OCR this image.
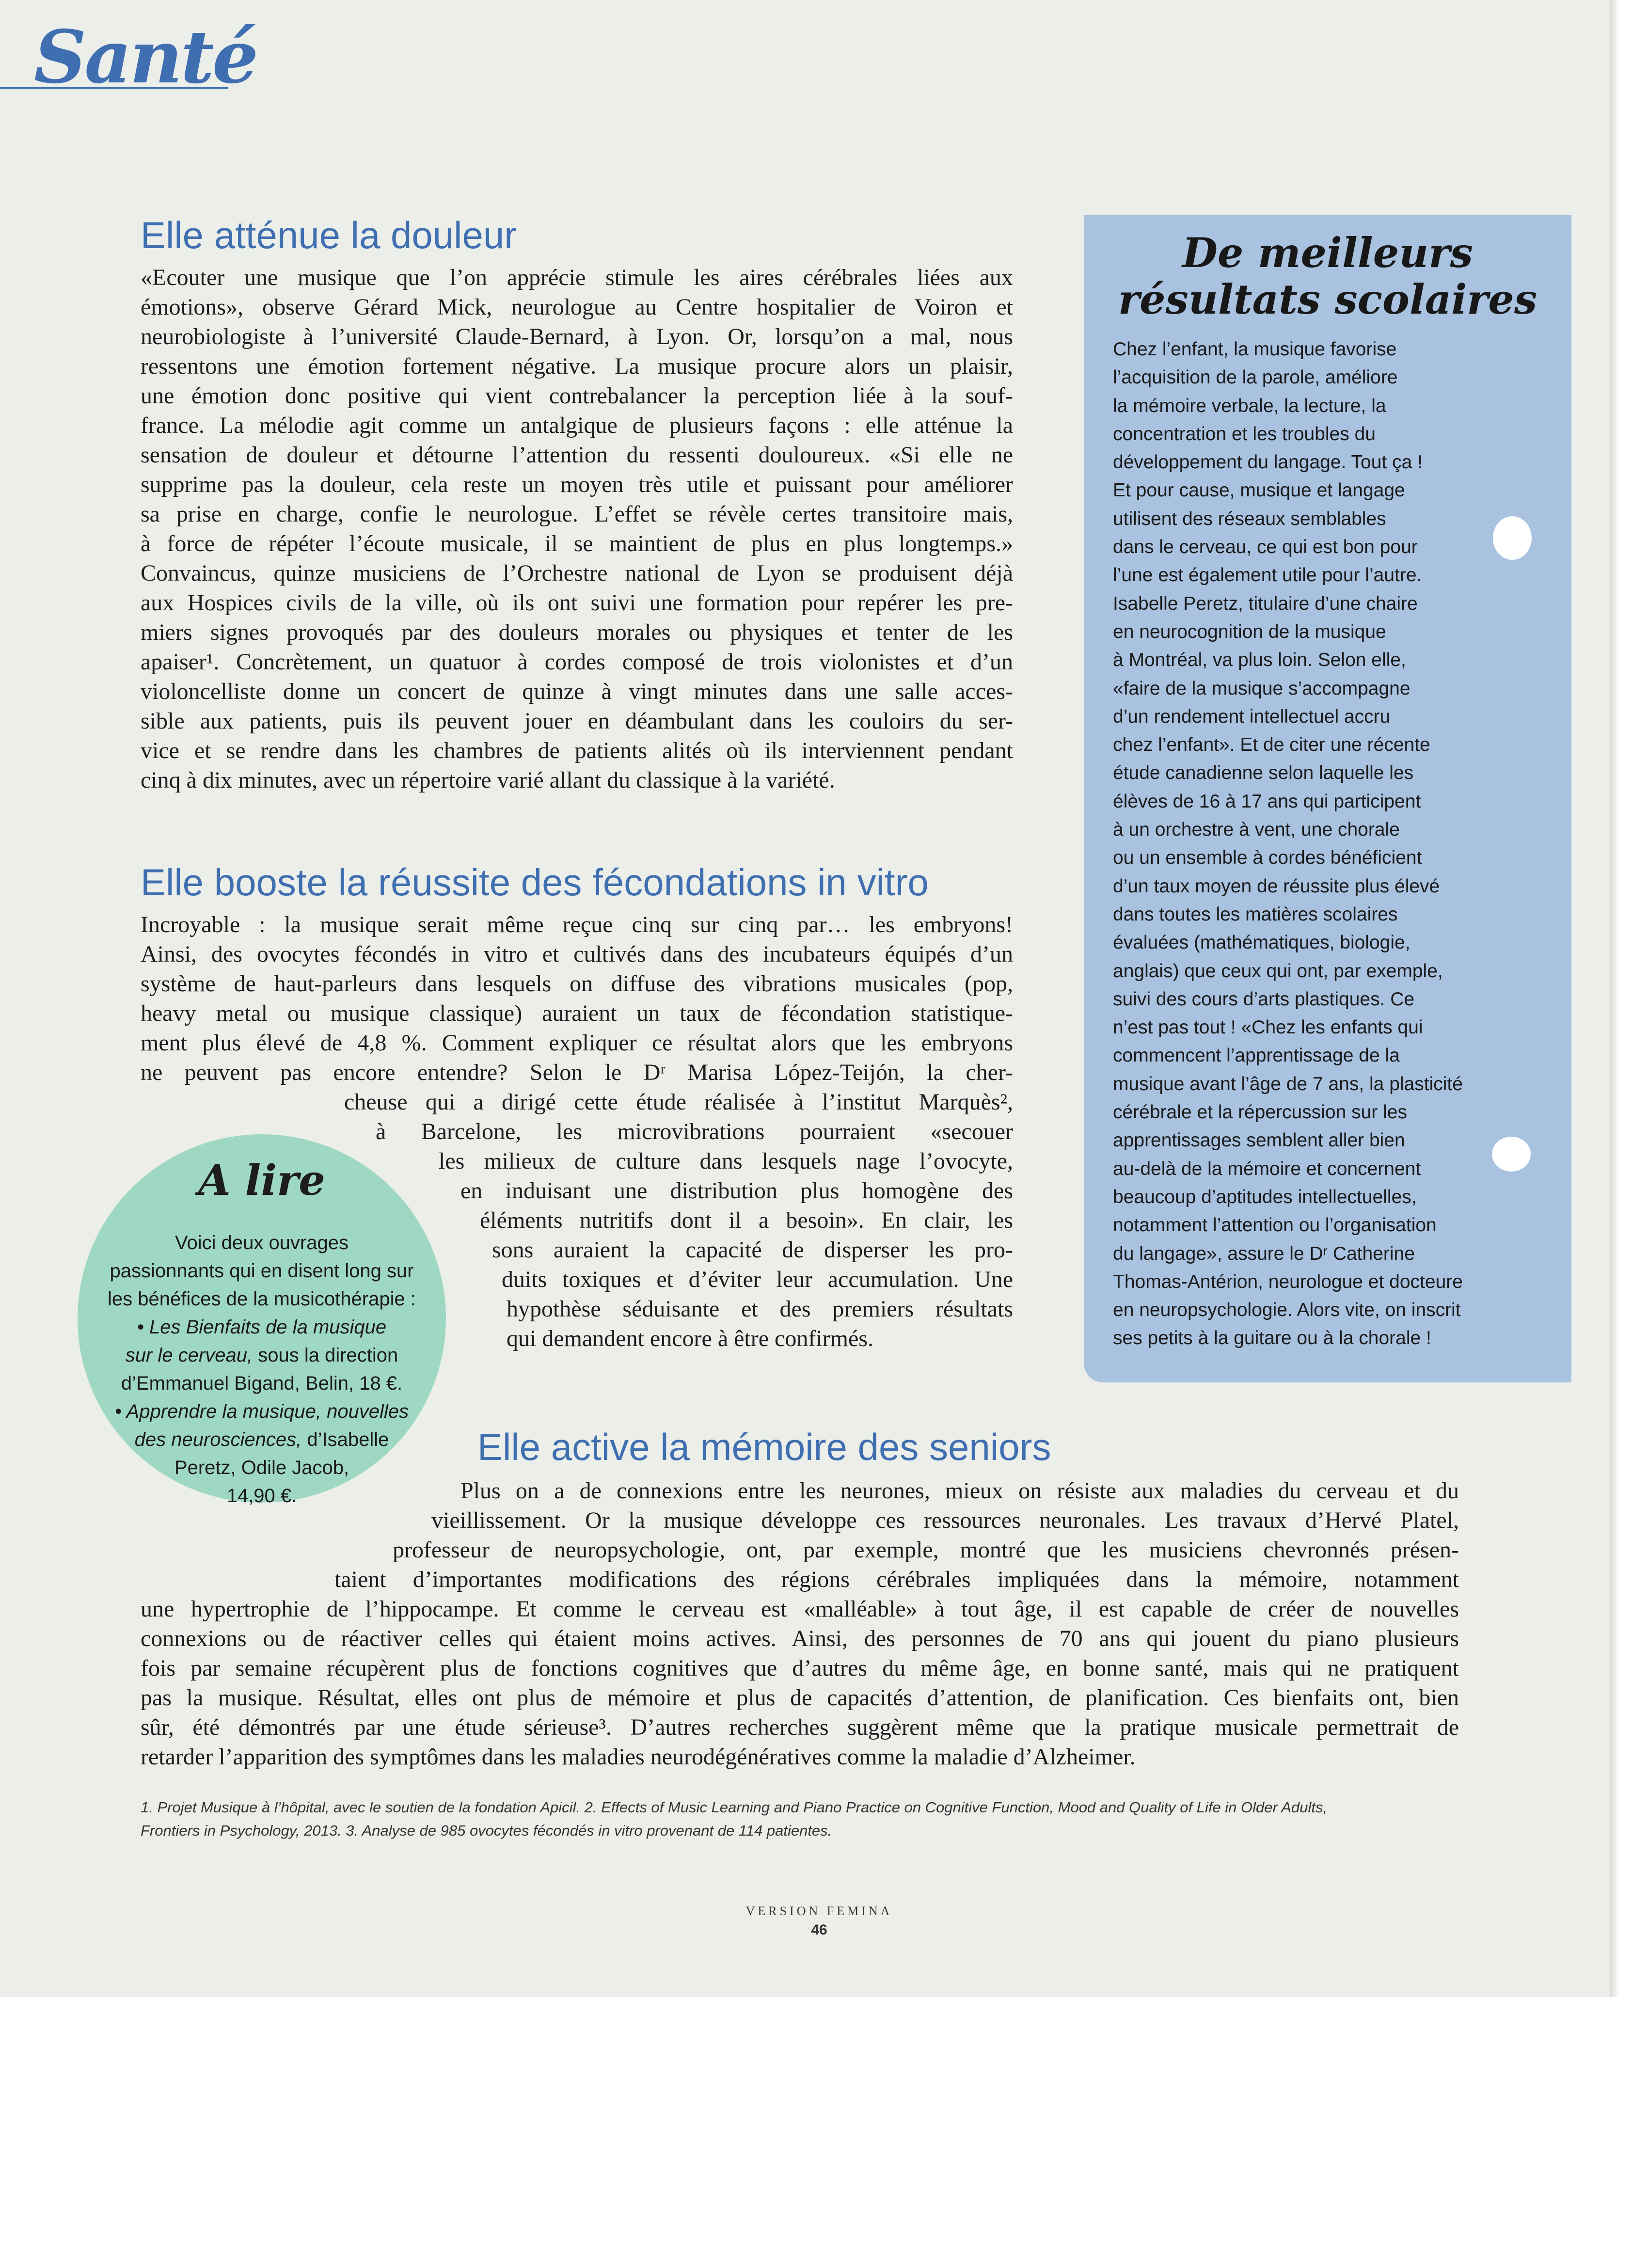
Santé
Elle atténue la douleur
«Ecouter une musique que l’on apprécie stimule les aires cérébrales liées aux
émotions», observe Gérard Mick, neurologue au Centre hospitalier de Voiron et
neurobiologiste à l’université Claude-Bernard, à Lyon. Or, lorsqu’on a mal, nous
ressentons une émotion fortement négative. La musique procure alors un plaisir,
une émotion donc positive qui vient contrebalancer la perception liée à la souf-
france. La mélodie agit comme un antalgique de plusieurs façons : elle atténue la
sensation de douleur et détourne l’attention du ressenti douloureux. «Si elle ne
supprime pas la douleur, cela reste un moyen très utile et puissant pour améliorer
sa prise en charge, confie le neurologue. L’effet se révèle certes transitoire mais,
à force de répéter l’écoute musicale, il se maintient de plus en plus longtemps.»
Convaincus, quinze musiciens de l’Orchestre national de Lyon se produisent déjà
aux Hospices civils de la ville, où ils ont suivi une formation pour repérer les pre-
miers signes provoqués par des douleurs morales ou physiques et tenter de les
apaiser¹. Concrètement, un quatuor à cordes composé de trois violonistes et d’un
violoncelliste donne un concert de quinze à vingt minutes dans une salle acces-
sible aux patients, puis ils peuvent jouer en déambulant dans les couloirs du ser-
vice et se rendre dans les chambres de patients alités où ils interviennent pendant
cinq à dix minutes, avec un répertoire varié allant du classique à la variété.
Elle booste la réussite des fécondations in vitro
Incroyable : la musique serait même reçue cinq sur cinq par… les embryons!
Ainsi, des ovocytes fécondés in vitro et cultivés dans des incubateurs équipés d’un
système de haut-parleurs dans lesquels on diffuse des vibrations musicales (pop,
heavy metal ou musique classique) auraient un taux de fécondation statistique-
ment plus élevé de 4,8 %. Comment expliquer ce résultat alors que les embryons
ne peuvent pas encore entendre? Selon le Dʳ Marisa López-Teijón, la cher-
cheuse qui a dirigé cette étude réalisée à l’institut Marquès²,
à Barcelone, les microvibrations pourraient «secouer
les milieux de culture dans lesquels nage l’ovocyte,
en induisant une distribution plus homogène des
éléments nutritifs dont il a besoin». En clair, les
sons auraient la capacité de disperser les pro-
duits toxiques et d’éviter leur accumulation. Une
hypothèse séduisante et des premiers résultats
qui demandent encore à être confirmés.
Elle active la mémoire des seniors
Plus on a de connexions entre les neurones, mieux on résiste aux maladies du cerveau et du
vieillissement. Or la musique développe ces ressources neuronales. Les travaux d’Hervé Platel,
professeur de neuropsychologie, ont, par exemple, montré que les musiciens chevronnés présen-
taient d’importantes modifications des régions cérébrales impliquées dans la mémoire, notamment
une hypertrophie de l’hippocampe. Et comme le cerveau est «malléable» à tout âge, il est capable de créer de nouvelles
connexions ou de réactiver celles qui étaient moins actives. Ainsi, des personnes de 70 ans qui jouent du piano plusieurs
fois par semaine récupèrent plus de fonctions cognitives que d’autres du même âge, en bonne santé, mais qui ne pratiquent
pas la musique. Résultat, elles ont plus de mémoire et plus de capacités d’attention, de planification. Ces bienfaits ont, bien
sûr, été démontrés par une étude sérieuse³. D’autres recherches suggèrent même que la pratique musicale permettrait de
retarder l’apparition des symptômes dans les maladies neurodégénératives comme la maladie d’Alzheimer.
De meilleurs
résultats scolaires
Chez l’enfant, la musique favorise
l’acquisition de la parole, améliore
la mémoire verbale, la lecture, la
concentration et les troubles du
développement du langage. Tout ça !
Et pour cause, musique et langage
utilisent des réseaux semblables
dans le cerveau, ce qui est bon pour
l’une est également utile pour l’autre.
Isabelle Peretz, titulaire d’une chaire
en neurocognition de la musique
à Montréal, va plus loin. Selon elle,
«faire de la musique s’accompagne
d’un rendement intellectuel accru
chez l’enfant». Et de citer une récente
étude canadienne selon laquelle les
élèves de 16 à 17 ans qui participent
à un orchestre à vent, une chorale
ou un ensemble à cordes bénéficient
d’un taux moyen de réussite plus élevé
dans toutes les matières scolaires
évaluées (mathématiques, biologie,
anglais) que ceux qui ont, par exemple,
suivi des cours d’arts plastiques. Ce
n’est pas tout ! «Chez les enfants qui
commencent l’apprentissage de la
musique avant l’âge de 7 ans, la plasticité
cérébrale et la répercussion sur les
apprentissages semblent aller bien
au-delà de la mémoire et concernent
beaucoup d’aptitudes intellectuelles,
notamment l’attention ou l’organisation
du langage», assure le Dʳ Catherine
Thomas-Antérion, neurologue et docteure
en neuropsychologie. Alors vite, on inscrit
ses petits à la guitare ou à la chorale !
A lire
Voici deux ouvrages
passionnants qui en disent long sur
les bénéfices de la musicothérapie :
• Les Bienfaits de la musique
sur le cerveau, sous la direction
d’Emmanuel Bigand, Belin, 18 €.
• Apprendre la musique, nouvelles
des neurosciences, d’Isabelle
Peretz, Odile Jacob,
14,90 €.
1. Projet Musique à l’hôpital, avec le soutien de la fondation Apicil. 2. Effects of Music Learning and Piano Practice on Cognitive Function, Mood and Quality of Life in Older Adults,
Frontiers in Psychology, 2013. 3. Analyse de 985 ovocytes fécondés in vitro provenant de 114 patientes.
VERSION FEMINA
46
